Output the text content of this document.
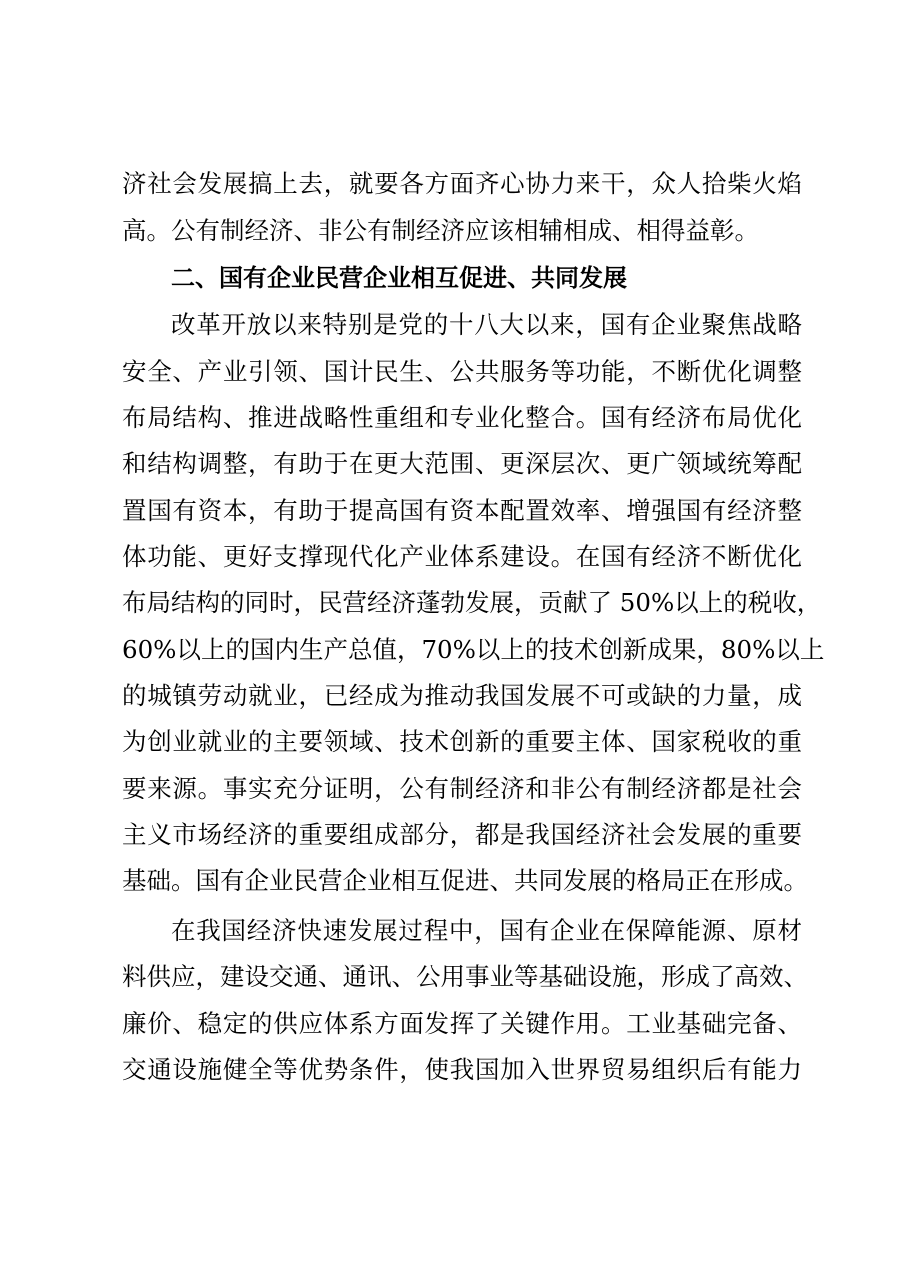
济社会发展搞上去，就要各方面齐心协力来干，众人拾柴火焰
高。公有制经济、非公有制经济应该相辅相成、相得益彰。
二、国有企业民营企业相互促进、共同发展
改革开放以来特别是党的十八大以来，国有企业聚焦战略
安全、产业引领、国计民生、公共服务等功能，不断优化调整
布局结构、推进战略性重组和专业化整合。国有经济布局优化
和结构调整，有助于在更大范围、更深层次、更广领域统筹配
置国有资本，有助于提高国有资本配置效率、增强国有经济整
体功能、更好支撑现代化产业体系建设。在国有经济不断优化
布局结构的同时，民营经济蓬勃发展，贡献了 50%以上的税收，
60%以上的国内生产总值，70%以上的技术创新成果，80%以上
的城镇劳动就业，已经成为推动我国发展不可或缺的力量，成
为创业就业的主要领域、技术创新的重要主体、国家税收的重
要来源。事实充分证明，公有制经济和非公有制经济都是社会
主义市场经济的重要组成部分，都是我国经济社会发展的重要
基础。国有企业民营企业相互促进、共同发展的格局正在形成。
在我国经济快速发展过程中，国有企业在保障能源、原材
料供应，建设交通、通讯、公用事业等基础设施，形成了高效、
廉价、稳定的供应体系方面发挥了关键作用。工业基础完备、
交通设施健全等优势条件，使我国加入世界贸易组织后有能力
